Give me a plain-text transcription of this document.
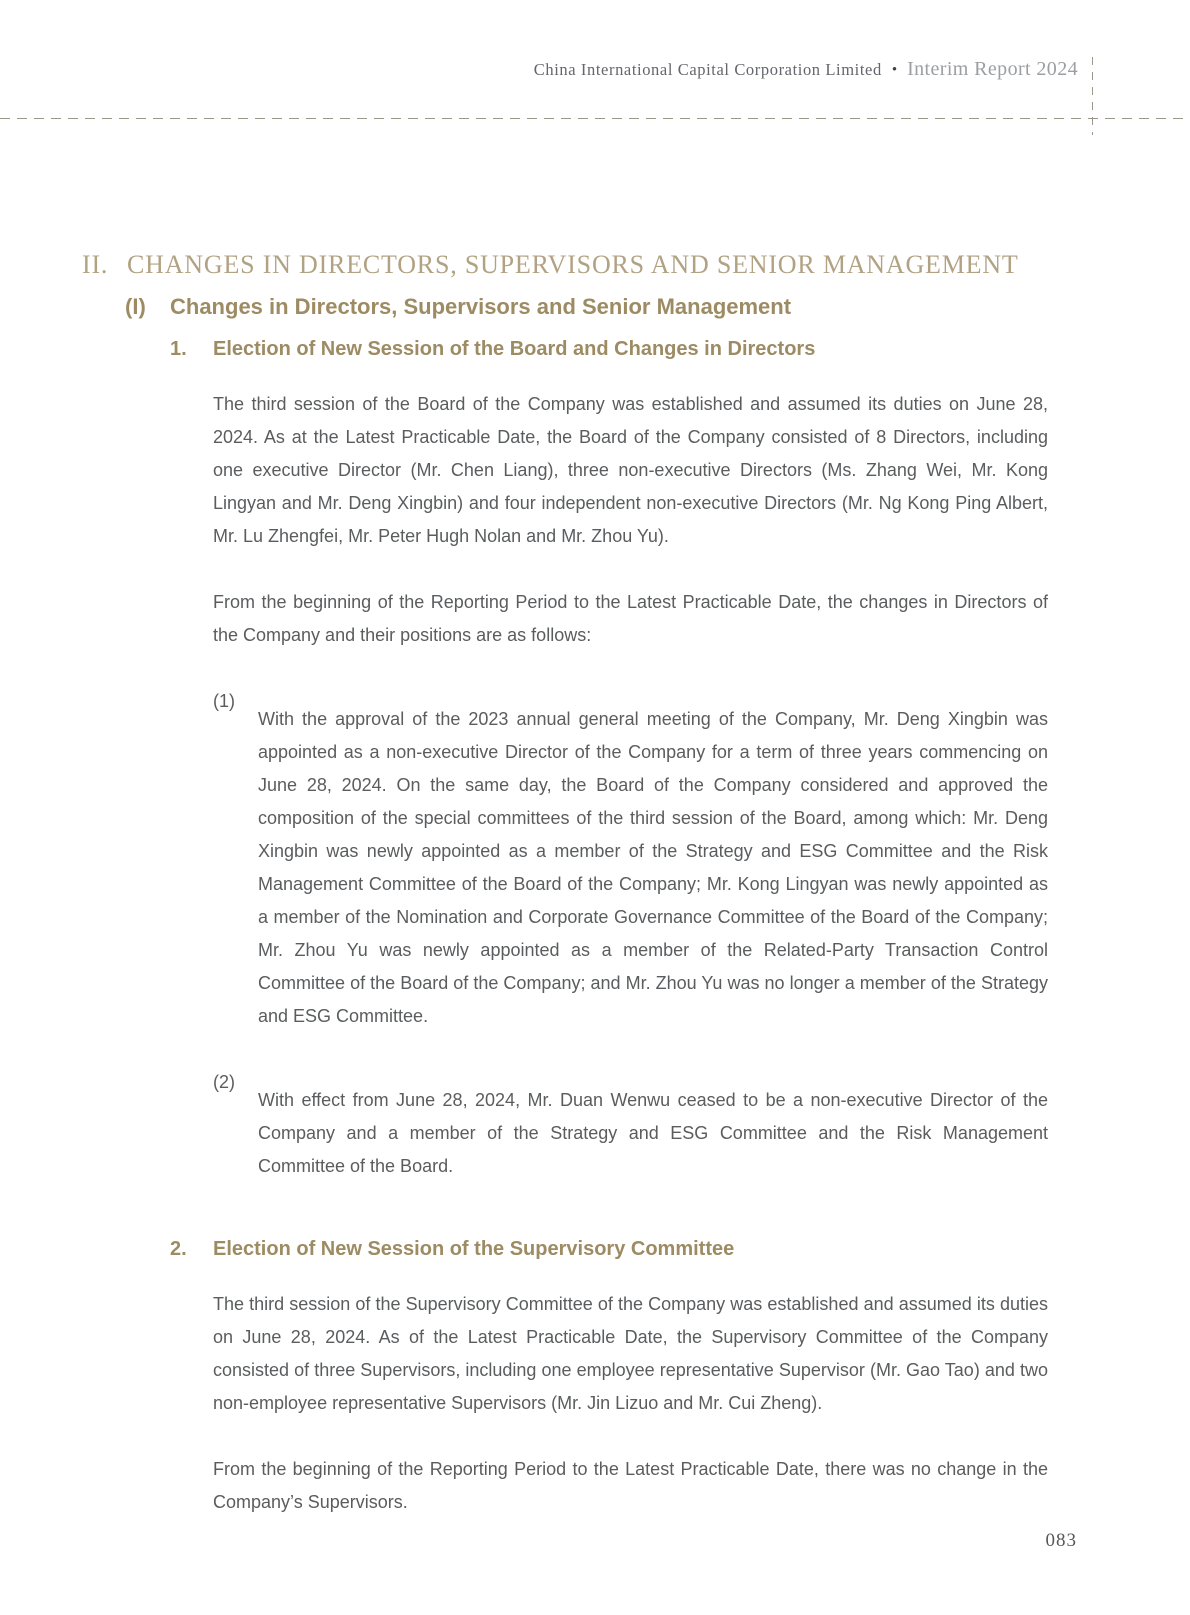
China International Capital Corporation Limited • Interim Report 2024
II. CHANGES IN DIRECTORS, SUPERVISORS AND SENIOR MANAGEMENT
(I)	Changes in Directors, Supervisors and Senior Management
1.	Election of New Session of the Board and Changes in Directors

The third session of the Board of the Company was established and assumed its duties on June 28, 2024. As at the Latest Practicable Date, the Board of the Company consisted of 8 Directors, including one executive Director (Mr. Chen Liang), three non-executive Directors (Ms. Zhang Wei, Mr. Kong Lingyan and Mr. Deng Xingbin) and four independent non-executive Directors (Mr. Ng Kong Ping Albert, Mr. Lu Zhengfei, Mr. Peter Hugh Nolan and Mr. Zhou Yu).

From the beginning of the Reporting Period to the Latest Practicable Date, the changes in Directors of the Company and their positions are as follows:

(1)

With the approval of the 2023 annual general meeting of the Company, Mr. Deng Xingbin was appointed as a non-executive Director of the Company for a term of three years commencing on June 28, 2024. On the same day, the Board of the Company considered and approved the composition of the special committees of the third session of the Board, among which: Mr. Deng Xingbin was newly appointed as a member of the Strategy and ESG Committee and the Risk Management Committee of the Board of the Company; Mr. Kong Lingyan was newly appointed as a member of the Nomination and Corporate Governance Committee of the Board of the Company; Mr. Zhou Yu was newly appointed as a member of the Related-Party Transaction Control Committee of the Board of the Company; and Mr. Zhou Yu was no longer a member of the Strategy and ESG Committee.

(2)

With effect from June 28, 2024, Mr. Duan Wenwu ceased to be a non-executive Director of the Company and a member of the Strategy and ESG Committee and the Risk Management Committee of the Board.

2.	Election of New Session of the Supervisory Committee

The third session of the Supervisory Committee of the Company was established and assumed its duties on June 28, 2024. As of the Latest Practicable Date, the Supervisory Committee of the Company consisted of three Supervisors, including one employee representative Supervisor (Mr. Gao Tao) and two non-employee representative Supervisors (Mr. Jin Lizuo and Mr. Cui Zheng).

From the beginning of the Reporting Period to the Latest Practicable Date, there was no change in the Company’s Supervisors.

083
